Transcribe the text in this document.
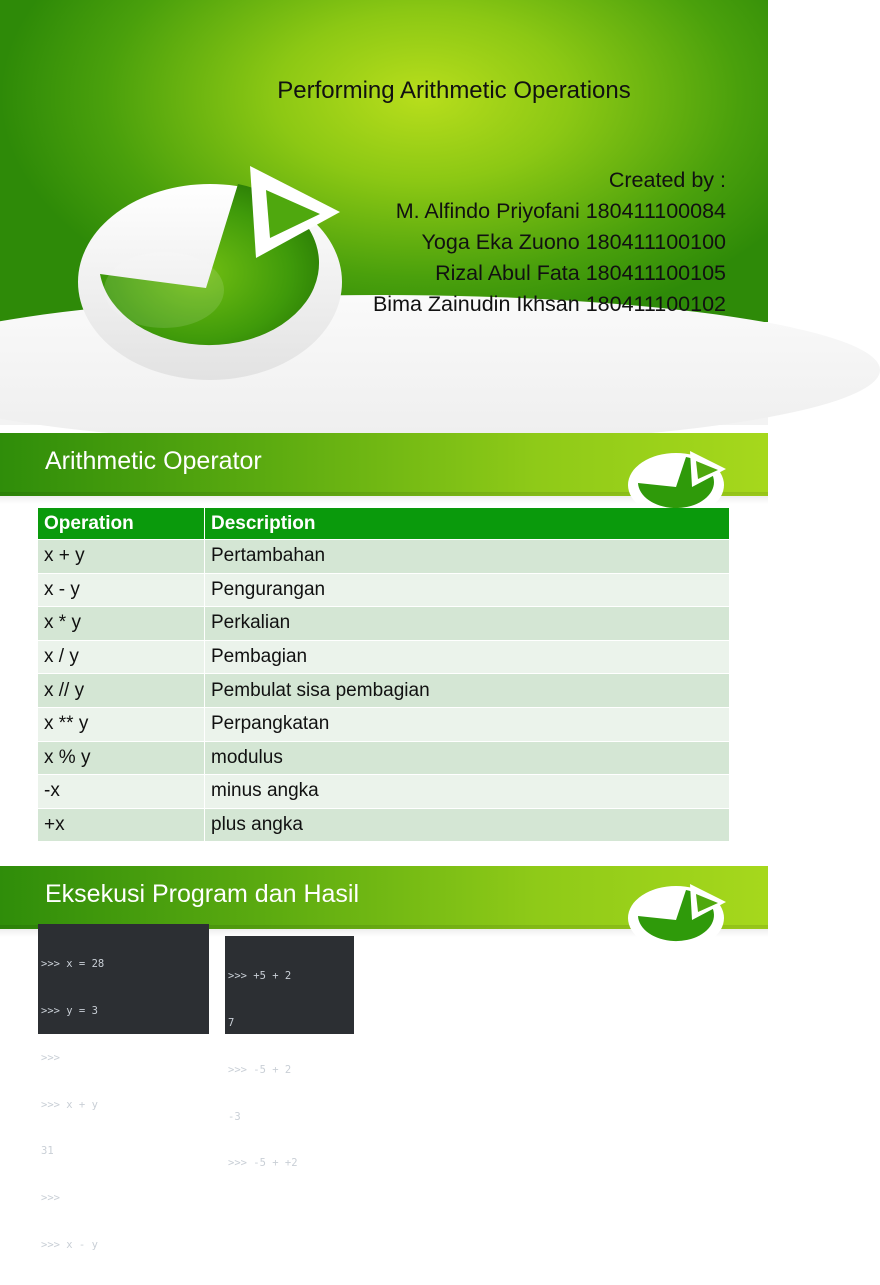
Performing Arithmetic Operations
Created by :
M. Alfindo Priyofani 180411100084
Yoga Eka Zuono 180411100100
Rizal Abul Fata 180411100105
Bima Zainudin Ikhsan 180411100102
Arithmetic Operator
Operation	Description
x + y	Pertambahan
x - y	Pengurangan
x * y	Perkalian
x / y	Pembagian
x // y	Pembulat sisa pembagian
x ** y	Perpangkatan
x % y	modulus
-x	minus angka
+x	plus angka
Eksekusi Program dan Hasil

>>> x = 28

>>> y = 3

>>>

>>> x + y

31

>>>

>>> x - y

>>> +5 + 2

7

>>> -5 + 2

-3

>>> -5 + +2
